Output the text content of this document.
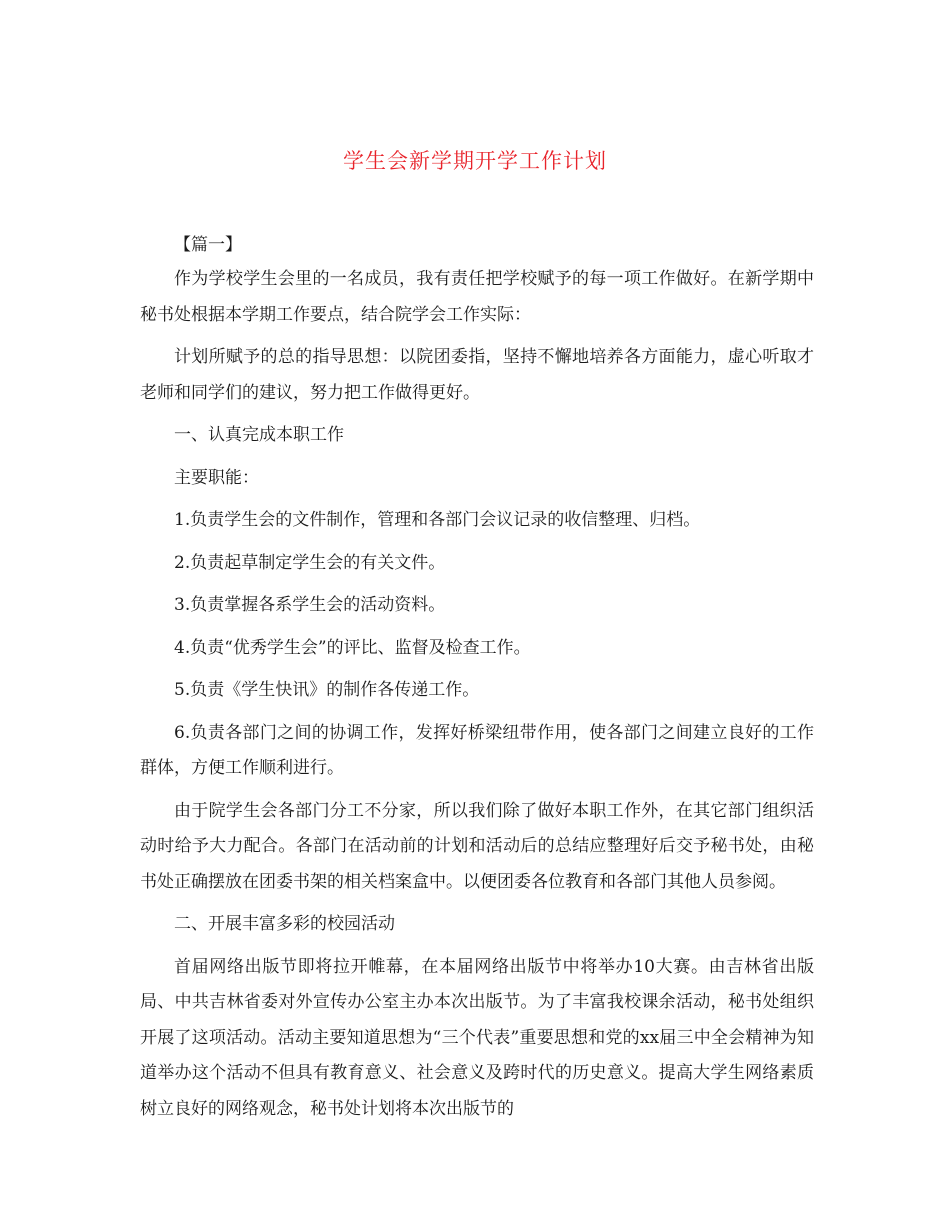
学生会新学期开学工作计划
【篇一】

作为学校学生会里的一名成员，我有责任把学校赋予的每一项工作做好。在新学期中秘书处根据本学期工作要点，结合院学会工作实际：

计划所赋予的总的指导思想：以院团委指，坚持不懈地培养各方面能力，虚心听取才老师和同学们的建议，努力把工作做得更好。

一、认真完成本职工作

主要职能：

1.负责学生会的文件制作，管理和各部门会议记录的收信整理、归档。

2.负责起草制定学生会的有关文件。

3.负责掌握各系学生会的活动资料。

4.负责“优秀学生会”的评比、监督及检查工作。

5.负责《学生快讯》的制作各传递工作。

6.负责各部门之间的协调工作，发挥好桥梁纽带作用，使各部门之间建立良好的工作群体，方便工作顺利进行。

由于院学生会各部门分工不分家，所以我们除了做好本职工作外，在其它部门组织活动时给予大力配合。各部门在活动前的计划和活动后的总结应整理好后交予秘书处，由秘书处正确摆放在团委书架的相关档案盒中。以便团委各位教育和各部门其他人员参阅。

二、开展丰富多彩的校园活动

首届网络出版节即将拉开帷幕，在本届网络出版节中将举办10大赛。由吉林省出版局、中共吉林省委对外宣传办公室主办本次出版节。为了丰富我校课余活动，秘书处组织开展了这项活动。活动主要知道思想为“三个代表”重要思想和党的xx届三中全会精神为知道举办这个活动不但具有教育意义、社会意义及跨时代的历史意义。提高大学生网络素质树立良好的网络观念，秘书处计划将本次出版节的
